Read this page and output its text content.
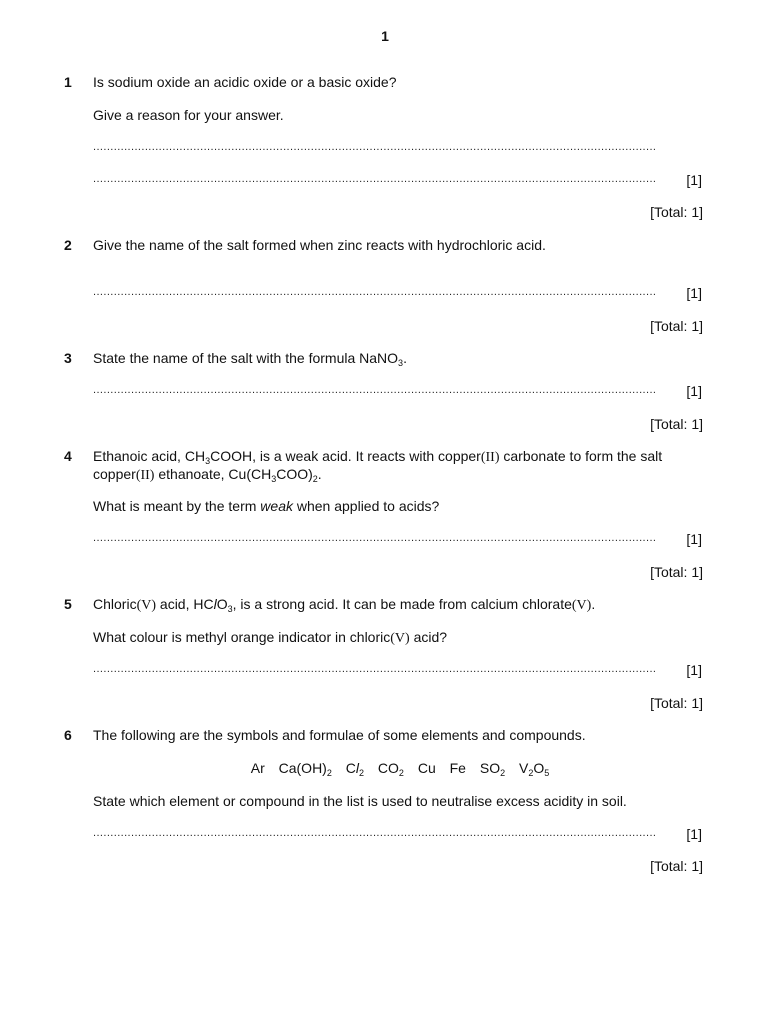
1
1 Is sodium oxide an acidic oxide or a basic oxide?
Give a reason for your answer.
...................................................................................................................................................................
...................................................................................................................................................................	[1]
[Total: 1]
2 Give the name of the salt formed when zinc reacts with hydrochloric acid.
...................................................................................................................................................................	[1]
[Total: 1]
3 State the name of the salt with the formula NaNO$_3$.
...................................................................................................................................................................	[1]
[Total: 1]
4 Ethanoic acid, $CH_3COOH$, is a weak acid. It reacts with copper(II) carbonate to form the salt
copper(II) ethanoate, $Cu(CH_3COO)_2$.
What is meant by the term weak when applied to acids?
...................................................................................................................................................................	[1]
[Total: 1]
5 Chloric(V) acid, HClO$_3$, is a strong acid. It can be made from calcium chlorate(V).
What colour is methyl orange indicator in chloric(V) acid?
...................................................................................................................................................................	[1]
[Total: 1]
6 The following are the symbols and formulae of some elements and compounds.
Ar $Ca(OH)_2$ $Cl_2$ $CO_2$ Cu Fe $SO_2$ $V_2O_5$
State which element or compound in the list is used to neutralise excess acidity in soil.
...................................................................................................................................................................	[1]
[Total: 1]
